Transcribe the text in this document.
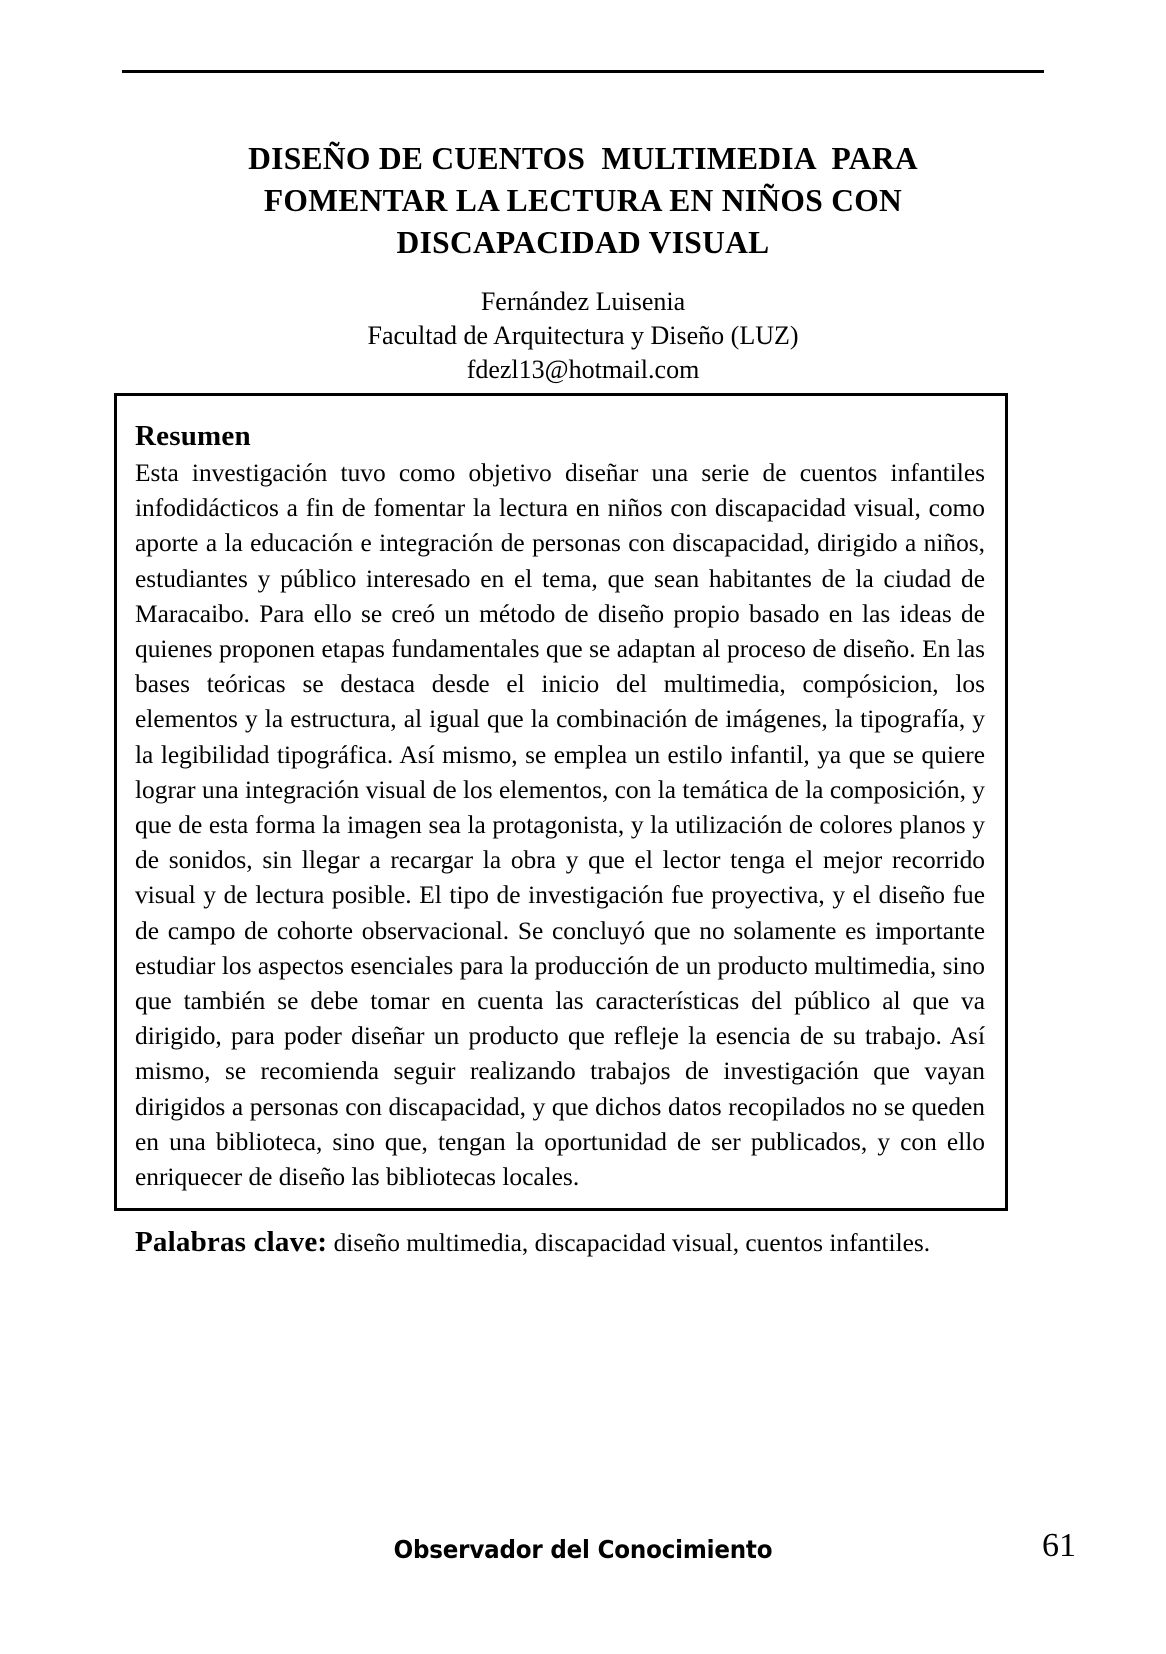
DISEÑO DE CUENTOS  MULTIMEDIA  PARA
FOMENTAR LA LECTURA EN NIÑOS CON
DISCAPACIDAD VISUAL
Fernández Luisenia
Facultad de Arquitectura y Diseño (LUZ)
fdezl13@hotmail.com
Resumen

Esta investigación tuvo como objetivo diseñar una serie de cuentos infantiles infodidácticos a fin de fomentar la lectura en niños con discapacidad visual, como aporte a la educación e integración de personas con discapacidad, dirigido a niños, estudiantes y público interesado en el tema, que sean habitantes de la ciudad de Maracaibo. Para ello se creó un método de diseño propio basado en las ideas de quienes proponen etapas fundamentales que se adaptan al proceso de diseño. En las bases teóricas se destaca desde el inicio del multimedia, compósicion, los elementos y la estructura, al igual que la combinación de imágenes, la tipografía, y la legibilidad tipográfica. Así mismo, se emplea un estilo infantil, ya que se quiere lograr una integración visual de los elementos, con la temática de la composición, y que de esta forma la imagen sea la protagonista, y la utilización de colores planos y de sonidos, sin llegar a recargar la obra y que el lector tenga el mejor recorrido visual y de lectura posible. El tipo de investigación fue proyectiva, y el diseño fue de campo de cohorte observacional. Se concluyó que no solamente es importante estudiar los aspectos esenciales para la producción de un producto multimedia, sino que también se debe tomar en cuenta las características del público al que va dirigido, para poder diseñar un producto que refleje la esencia de su trabajo. Así mismo, se recomienda seguir realizando trabajos de investigación que vayan dirigidos a personas con discapacidad, y que dichos datos recopilados no se queden en una biblioteca, sino que, tengan la oportunidad de ser publicados, y con ello enriquecer de diseño las bibliotecas locales.

Palabras clave: diseño multimedia, discapacidad visual, cuentos infantiles.
Observador del Conocimiento	61
